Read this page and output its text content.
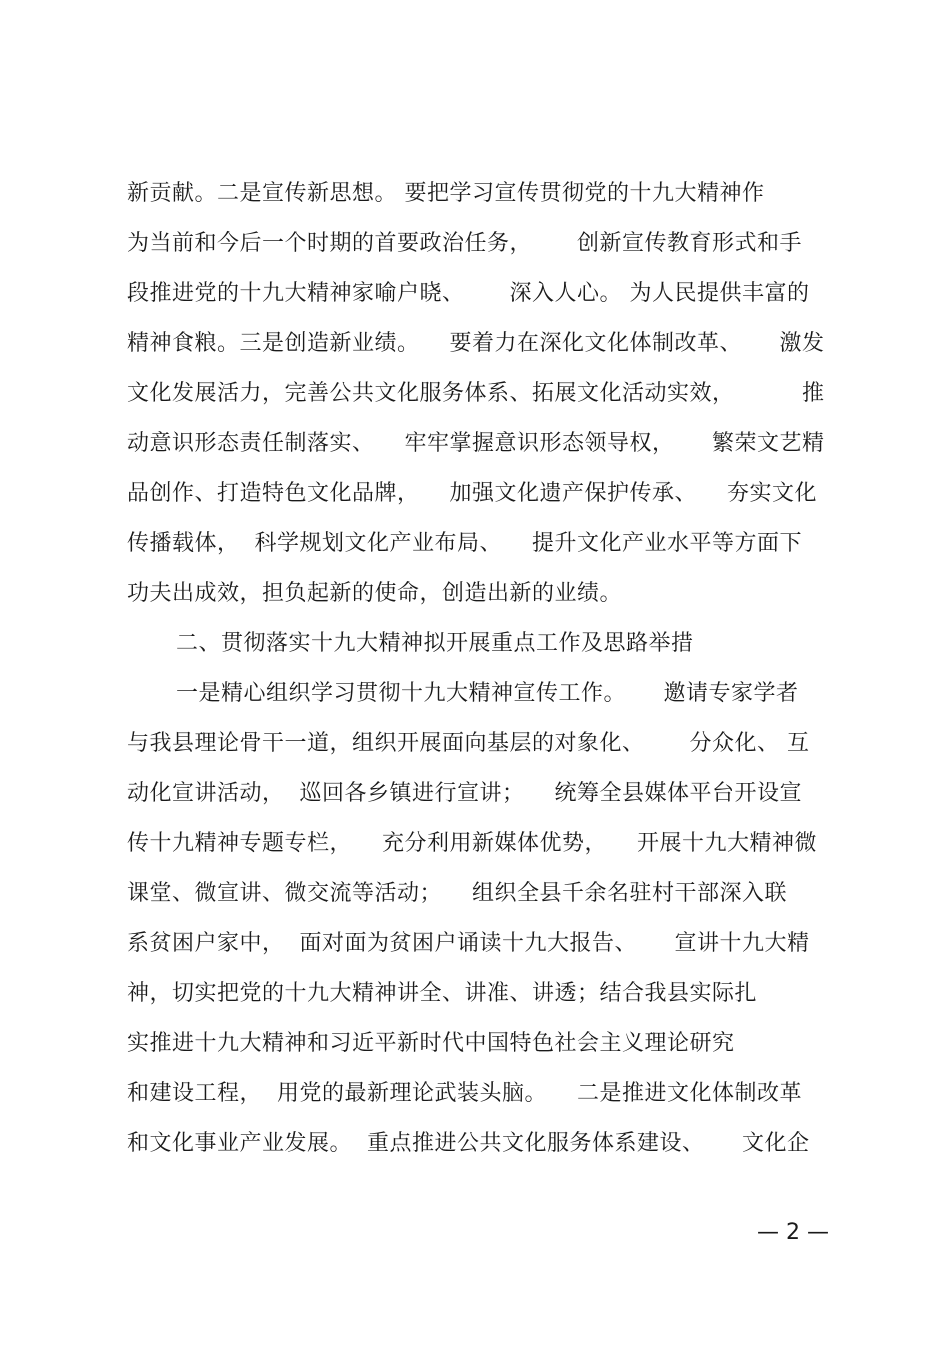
新贡献。二是宣传新思想。 要把学习宣传贯彻党的十九大精神作
为当前和今后一个时期的首要政治任务，      创新宣传教育形式和手
段推进党的十九大精神家喻户晓、      深入人心。 为人民提供丰富的
精神食粮。三是创造新业绩。    要着力在深化文化体制改革、     激发
文化发展活力，完善公共文化服务体系、拓展文化活动实效，         推
动意识形态责任制落实、    牢牢掌握意识形态领导权，     繁荣文艺精
品创作、打造特色文化品牌，    加强文化遗产保护传承、    夯实文化
传播载体，  科学规划文化产业布局、    提升文化产业水平等方面下
功夫出成效，担负起新的使命，创造出新的业绩。
二、贯彻落实十九大精神拟开展重点工作及思路举措
一是精心组织学习贯彻十九大精神宣传工作。     邀请专家学者
与我县理论骨干一道，组织开展面向基层的对象化、      分众化、 互
动化宣讲活动，  巡回各乡镇进行宣讲；    统筹全县媒体平台开设宣
传十九精神专题专栏，    充分利用新媒体优势，    开展十九大精神微
课堂、微宣讲、微交流等活动；    组织全县千余名驻村干部深入联
系贫困户家中，  面对面为贫困户诵读十九大报告、     宣讲十九大精
神，切实把党的十九大精神讲全、讲准、讲透；结合我县实际扎
实推进十九大精神和习近平新时代中国特色社会主义理论研究
和建设工程，  用党的最新理论武装头脑。    二是推进文化体制改革
和文化事业产业发展。  重点推进公共文化服务体系建设、     文化企
— 2 —
